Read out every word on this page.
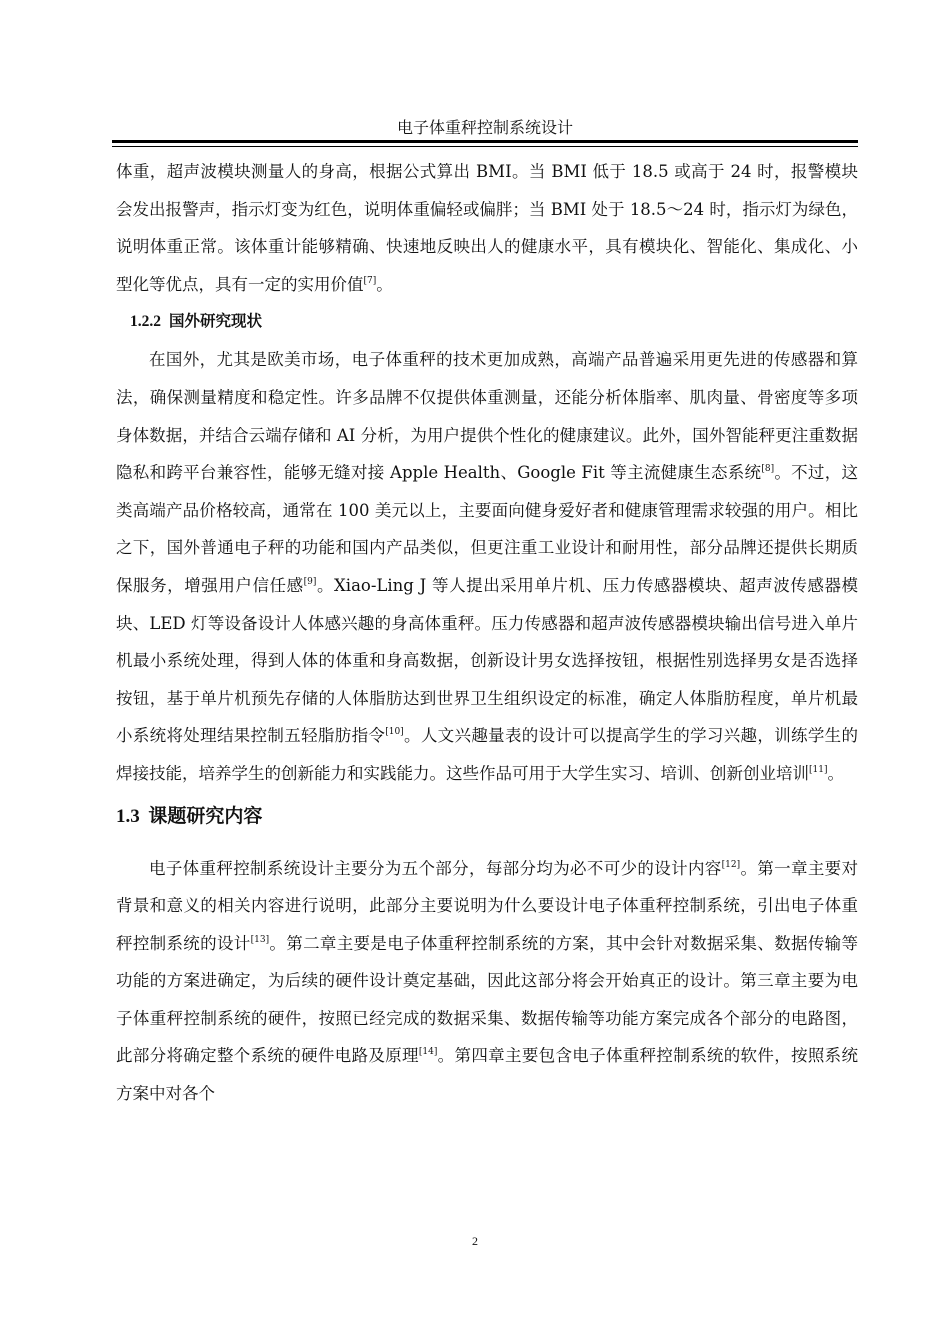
电子体重秤控制系统设计

体重，超声波模块测量人的身高，根据公式算出 BMI。当 BMI 低于 18.5 或高于 24 时，报警模块会发出报警声，指示灯变为红色，说明体重偏轻或偏胖；当 BMI 处于 18.5～24 时，指示灯为绿色，说明体重正常。该体重计能够精确、快速地反映出人的健康水平，具有模块化、智能化、集成化、小型化等优点，具有一定的实用价值[7]。

1.2.2 国外研究现状

在国外，尤其是欧美市场，电子体重秤的技术更加成熟，高端产品普遍采用更先进的传感器和算法，确保测量精度和稳定性。许多品牌不仅提供体重测量，还能分析体脂率、肌肉量、骨密度等多项身体数据，并结合云端存储和 AI 分析，为用户提供个性化的健康建议。此外，国外智能秤更注重数据隐私和跨平台兼容性，能够无缝对接 Apple Health、Google Fit 等主流健康生态系统[8]。不过，这类高端产品价格较高，通常在 100 美元以上，主要面向健身爱好者和健康管理需求较强的用户。相比之下，国外普通电子秤的功能和国内产品类似，但更注重工业设计和耐用性，部分品牌还提供长期质保服务，增强用户信任感[9]。Xiao-Ling J 等人提出采用单片机、压力传感器模块、超声波传感器模块、LED 灯等设备设计人体感兴趣的身高体重秤。压力传感器和超声波传感器模块输出信号进入单片机最小系统处理，得到人体的体重和身高数据，创新设计男女选择按钮，根据性别选择男女是否选择按钮，基于单片机预先存储的人体脂肪达到世界卫生组织设定的标准，确定人体脂肪程度，单片机最小系统将处理结果控制五轻脂肪指令[10]。人文兴趣量表的设计可以提高学生的学习兴趣，训练学生的焊接技能，培养学生的创新能力和实践能力。这些作品可用于大学生实习、培训、创新创业培训[11]。

1.3 课题研究内容

电子体重秤控制系统设计主要分为五个部分，每部分均为必不可少的设计内容[12]。第一章主要对背景和意义的相关内容进行说明，此部分主要说明为什么要设计电子体重秤控制系统，引出电子体重秤控制系统的设计[13]。第二章主要是电子体重秤控制系统的方案，其中会针对数据采集、数据传输等功能的方案进确定，为后续的硬件设计奠定基础，因此这部分将会开始真正的设计。第三章主要为电子体重秤控制系统的硬件，按照已经完成的数据采集、数据传输等功能方案完成各个部分的电路图，此部分将确定整个系统的硬件电路及原理[14]。第四章主要包含电子体重秤控制系统的软件，按照系统方案中对各个

2
